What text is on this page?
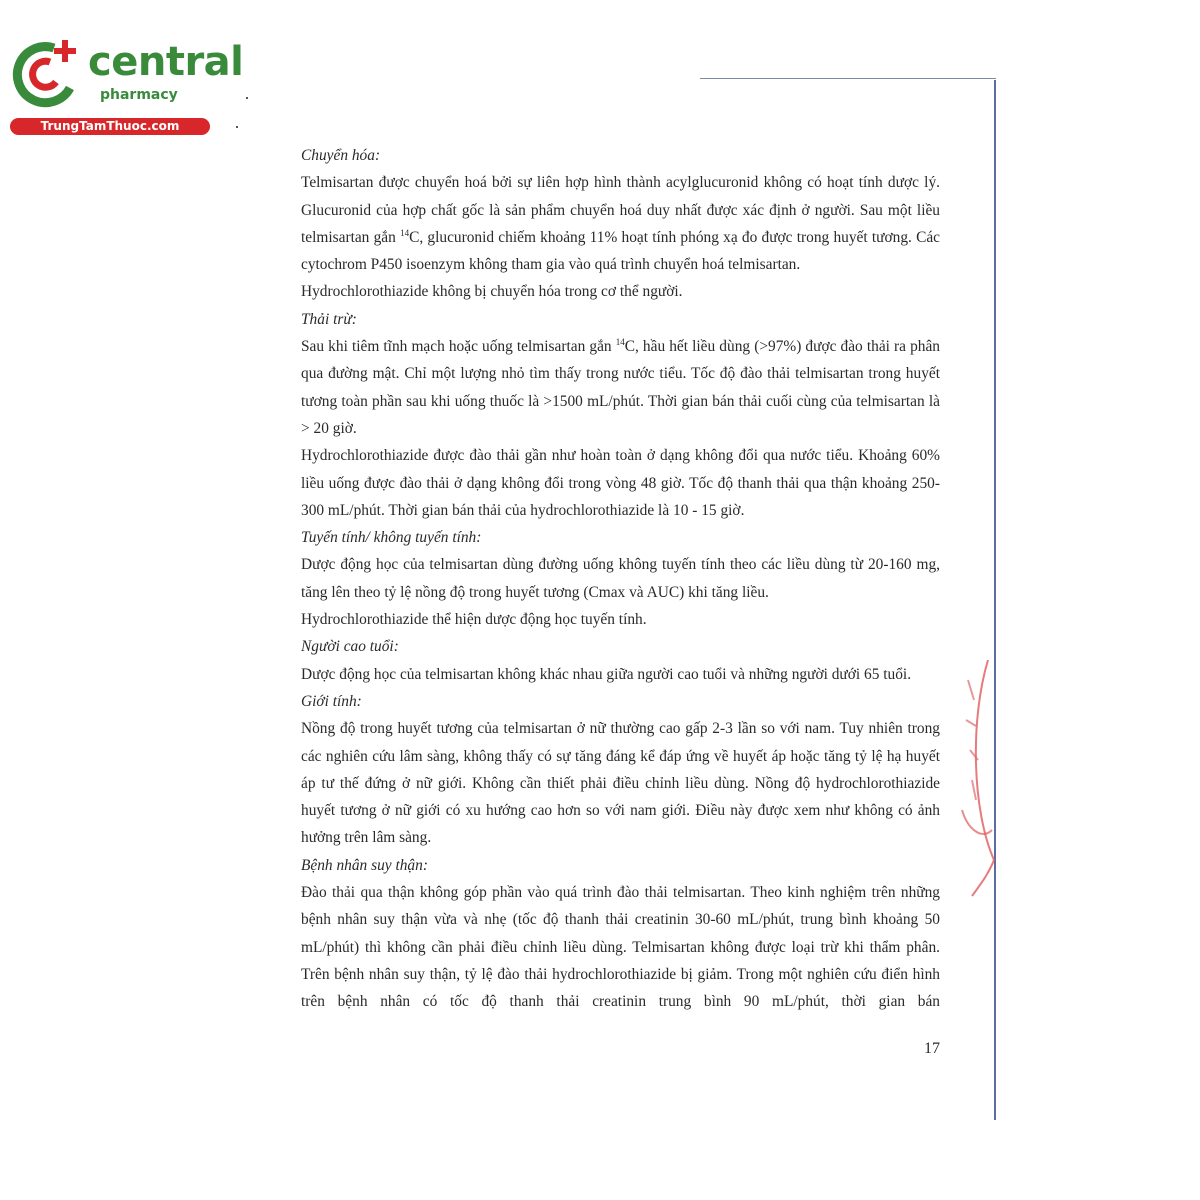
central
pharmacy
TrungTamThuoc.com

Chuyển hóa:

Telmisartan được chuyển hoá bởi sự liên hợp hình thành acylglucuronid không có hoạt tính dược lý. Glucuronid của hợp chất gốc là sản phẩm chuyển hoá duy nhất được xác định ở người. Sau một liều telmisartan gắn $^{14}$C, glucuronid chiếm khoảng 11% hoạt tính phóng xạ đo được trong huyết tương. Các cytochrom P450 isoenzym không tham gia vào quá trình chuyển hoá telmisartan.

Hydrochlorothiazide không bị chuyển hóa trong cơ thể người.

Thải trừ:

Sau khi tiêm tĩnh mạch hoặc uống telmisartan gắn $^{14}$C, hầu hết liều dùng (>97%) được đào thải ra phân qua đường mật. Chỉ một lượng nhỏ tìm thấy trong nước tiểu. Tốc độ đào thải telmisartan trong huyết tương toàn phần sau khi uống thuốc là >1500 mL/phút. Thời gian bán thải cuối cùng của telmisartan là > 20 giờ.

Hydrochlorothiazide được đào thải gần như hoàn toàn ở dạng không đổi qua nước tiểu. Khoảng 60% liều uống được đào thải ở dạng không đổi trong vòng 48 giờ. Tốc độ thanh thải qua thận khoảng 250-300 mL/phút. Thời gian bán thải của hydrochlorothiazide là 10 - 15 giờ.

Tuyến tính/ không tuyến tính:

Dược động học của telmisartan dùng đường uống không tuyến tính theo các liều dùng từ 20-160 mg, tăng lên theo tỷ lệ nồng độ trong huyết tương (Cmax và AUC) khi tăng liều.

Hydrochlorothiazide thể hiện dược động học tuyến tính.

Người cao tuổi:

Dược động học của telmisartan không khác nhau giữa người cao tuổi và những người dưới 65 tuổi.

Giới tính:

Nồng độ trong huyết tương của telmisartan ở nữ thường cao gấp 2-3 lần so với nam. Tuy nhiên trong các nghiên cứu lâm sàng, không thấy có sự tăng đáng kể đáp ứng về huyết áp hoặc tăng tỷ lệ hạ huyết áp tư thế đứng ở nữ giới. Không cần thiết phải điều chỉnh liều dùng. Nồng độ hydrochlorothiazide huyết tương ở nữ giới có xu hướng cao hơn so với nam giới. Điều này được xem như không có ảnh hưởng trên lâm sàng.

Bệnh nhân suy thận:

Đào thải qua thận không góp phần vào quá trình đào thải telmisartan. Theo kinh nghiệm trên những bệnh nhân suy thận vừa và nhẹ (tốc độ thanh thải creatinin 30-60 mL/phút, trung bình khoảng 50 mL/phút) thì không cần phải điều chỉnh liều dùng. Telmisartan không được loại trừ khi thẩm phân. Trên bệnh nhân suy thận, tỷ lệ đào thải hydrochlorothiazide bị giảm. Trong một nghiên cứu điển hình trên bệnh nhân có tốc độ thanh thải creatinin trung bình 90 mL/phút, thời gian bán

17
